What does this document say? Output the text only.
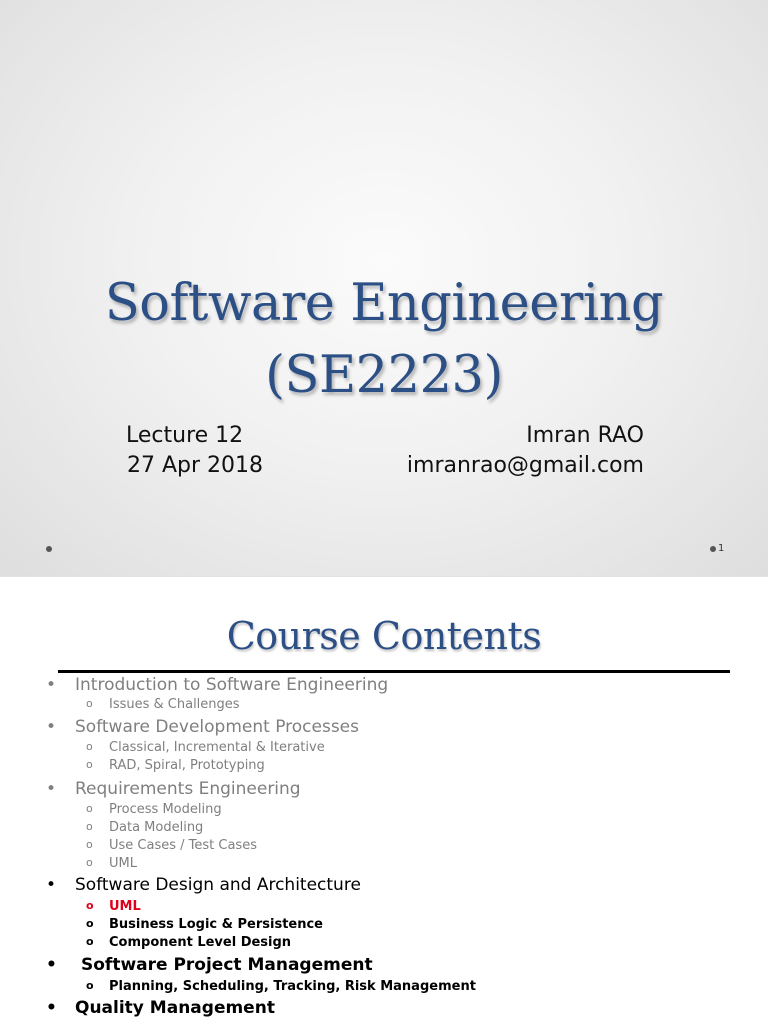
Software Engineering
(SE2223)
Lecture 12
27 Apr 2018
Imran RAO
imranrao@gmail.com
1
Course Contents
• Introduction to Software Engineering
o Issues & Challenges
• Software Development Processes
o Classical, Incremental & Iterative
o RAD, Spiral, Prototyping
• Requirements Engineering
o Process Modeling
o Data Modeling
o Use Cases / Test Cases
o UML
• Software Design and Architecture
o UML
o Business Logic & Persistence
o Component Level Design
• Software Project Management
o Planning, Scheduling, Tracking, Risk Management
• Quality Management
